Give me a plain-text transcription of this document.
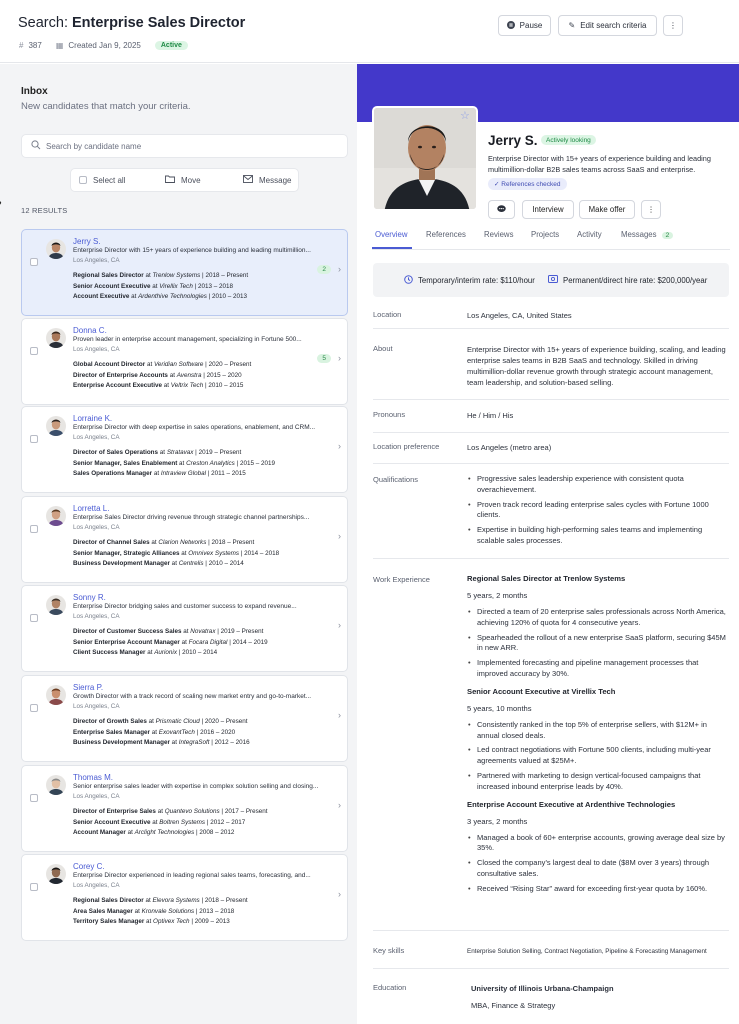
Search: Enterprise Sales Director
# 387 ▦ Created Jan 9, 2025	Active
Pause	✎ Edit search criteria	⋮
Inbox
New candidates that match your criteria.
Search by candidate name
Select all	Move	Message
12 RESULTS
Jerry S.
Enterprise Director with 15+ years of experience building and leading multimillion...
Los Angeles, CA
Regional Sales Director at Trenlow Systems | 2018 – Present
Senior Account Executive at Virellix Tech | 2013 – 2018
Account Executive at Ardenthive Technologies | 2010 – 2013
2	›
Donna C.
Proven leader in enterprise account management, specializing in Fortune 500...
Los Angeles, CA
Global Account Director at Veridian Software | 2020 – Present
Director of Enterprise Accounts at Avenstra | 2015 – 2020
Enterprise Account Executive at Veltrix Tech | 2010 – 2015
5	›
Lorraine K.
Enterprise Director with deep expertise in sales operations, enablement, and CRM...
Los Angeles, CA
Director of Sales Operations at Stratavax | 2019 – Present
Senior Manager, Sales Enablement at Creston Analytics | 2015 – 2019
Sales Operations Manager at Intraview Global | 2011 – 2015
›
Lorretta L.
Enterprise Sales Director driving revenue through strategic channel partnerships...
Los Angeles, CA
Director of Channel Sales at Clarion Networks | 2018 – Present
Senior Manager, Strategic Alliances at Omnivex Systems | 2014 – 2018
Business Development Manager at Centrelis | 2010 – 2014
›
Sonny R.
Enterprise Director bridging sales and customer success to expand revenue...
Los Angeles, CA
Director of Customer Success Sales at Novatrax | 2019 – Present
Senior Enterprise Account Manager at Focara Digital | 2014 – 2019
Client Success Manager at Aurionix | 2010 – 2014
›
Sierra P.
Growth Director with a track record of scaling new market entry and go-to-market...
Los Angeles, CA
Director of Growth Sales at Prismatic Cloud | 2020 – Present
Enterprise Sales Manager at ExovantTech | 2016 – 2020
Business Development Manager at IntegraSoft | 2012 – 2016
›
Thomas M.
Senior enterprise sales leader with expertise in complex solution selling and closing...
Los Angeles, CA
Director of Enterprise Sales at Quantevo Solutions | 2017 – Present
Senior Account Executive at Boltren Systems | 2012 – 2017
Account Manager at Arclight Technologies | 2008 – 2012
›
Corey C.
Enterprise Director experienced in leading regional sales teams, forecasting, and...
Los Angeles, CA
Regional Sales Director at Elevora Systems | 2018 – Present
Area Sales Manager at Kronvale Solutions | 2013 – 2018
Territory Sales Manager at Optivex Tech | 2009 – 2013
›
☆
Jerry S.	Actively looking
Enterprise Director with 15+ years of experience building and leading multimillion-dollar B2B sales teams across SaaS and enterprise.
✓ References checked
Interview	Make offer	⋮
Overview References Reviews Projects Activity Messages 2
Temporary/interim rate: $110/hour	Permanent/direct hire rate: $200,000/year
Location	Los Angeles, CA, United States
About	Enterprise Director with 15+ years of experience building, scaling, and leading enterprise sales teams in B2B SaaS and technology. Skilled in driving multimillion-dollar revenue growth through strategic account management, team leadership, and solution-based selling.
Pronouns	He / Him / His
Location preference	Los Angeles (metro area)
Qualifications	• Progressive sales leadership experience with consistent quota overachievement.
• Proven track record leading enterprise sales cycles with Fortune 1000 clients.
• Expertise in building high-performing sales teams and implementing scalable sales processes.
Work Experience	Regional Sales Director at Trenlow Systems
5 years, 2 months
• Directed a team of 20 enterprise sales professionals across North America, achieving 120% of quota for 4 consecutive years.
• Spearheaded the rollout of a new enterprise SaaS platform, securing $45M in new ARR.
• Implemented forecasting and pipeline management processes that improved accuracy by 30%.
Senior Account Executive at Virellix Tech
5 years, 10 months
• Consistently ranked in the top 5% of enterprise sellers, with $12M+ in annual closed deals.
• Led contract negotiations with Fortune 500 clients, including multi-year agreements valued at $25M+.
• Partnered with marketing to design vertical-focused campaigns that increased inbound enterprise leads by 40%.
Enterprise Account Executive at Ardenthive Technologies
3 years, 2 months
• Managed a book of 60+ enterprise accounts, growing average deal size by 35%.
• Closed the company’s largest deal to date ($8M over 3 years) through consultative sales.
• Received “Rising Star” award for exceeding first-year quota by 160%.
Key skills	Enterprise Solution Selling, Contract Negotiation, Pipeline & Forecasting Management
Education	University of Illinois Urbana-Champaign
MBA, Finance & Strategy
